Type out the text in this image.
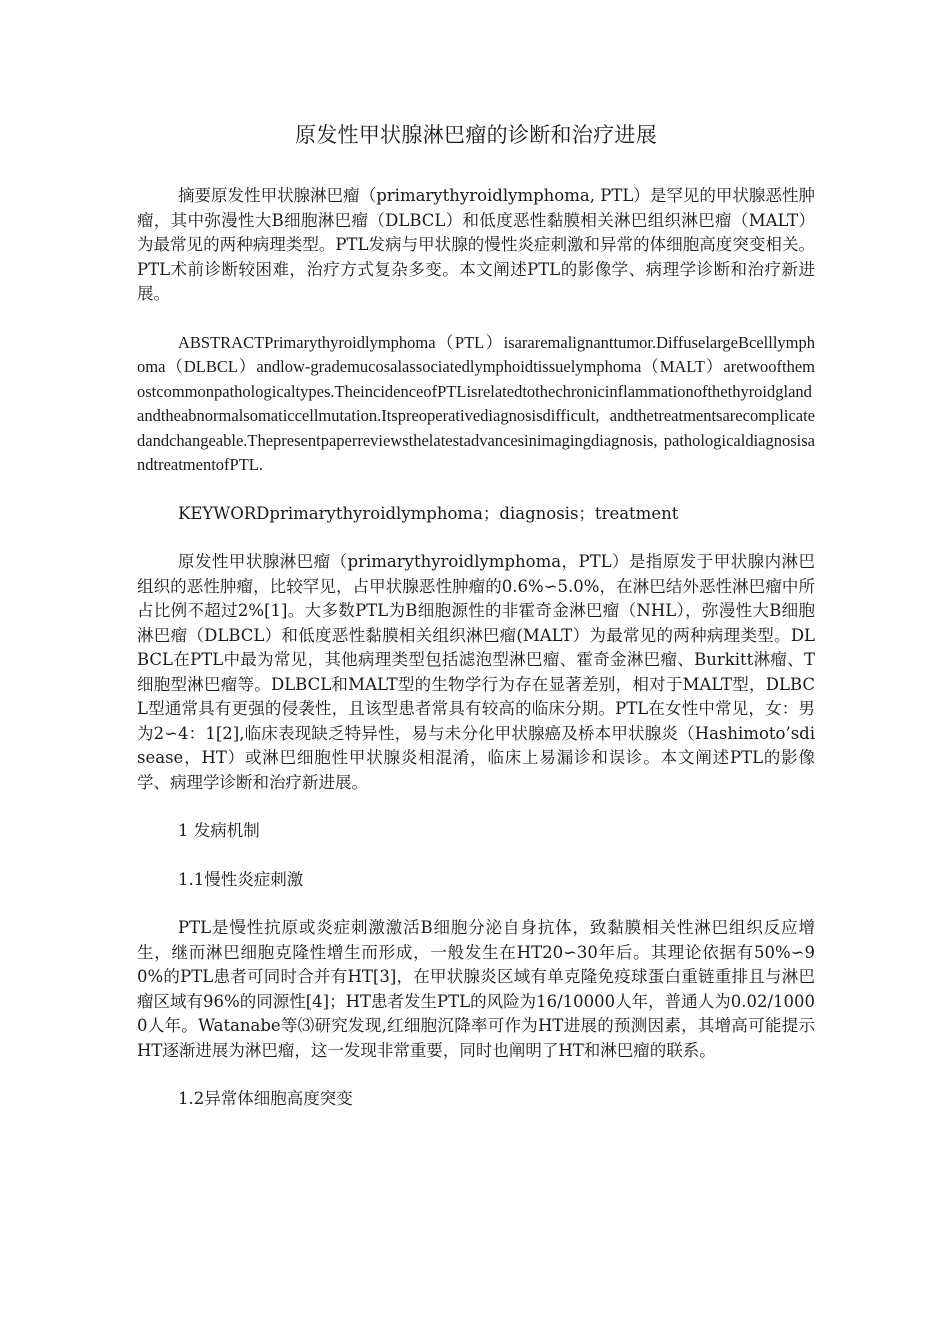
原发性甲状腺淋巴瘤的诊断和治疗进展

摘要原发性甲状腺淋巴瘤（primarythyroidlymphoma, PTL）是罕见的甲状腺恶性肿瘤，其中弥漫性大B细胞淋巴瘤（DLBCL）和低度恶性黏膜相关淋巴组织淋巴瘤（MALT）为最常见的两种病理类型。PTL发病与甲状腺的慢性炎症刺激和异常的体细胞高度突变相关。PTL术前诊断较困难，治疗方式复杂多变。本文阐述PTL的影像学、病理学诊断和治疗新进展。

ABSTRACTPrimarythyroidlymphoma（PTL）isararemalignanttumor.DiffuselargeBcelllymphoma（DLBCL）andlow-grademucosalassociatedlymphoidtissuelymphoma（MALT）aretwoofthemostcommonpathologicaltypes.TheincidenceofPTLisrelatedtothechronicinflammationofthethyroidglandandtheabnormalsomaticcellmutation.Itspreoperativediagnosisdifficult, andthetreatmentsarecomplicatedandchangeable.Thepresentpaperreviewsthelatestadvancesinimagingdiagnosis, pathologicaldiagnosisandtreatmentofPTL.

KEYWORDprimarythyroidlymphoma；diagnosis；treatment

原发性甲状腺淋巴瘤（primarythyroidlymphoma，PTL）是指原发于甲状腺内淋巴组织的恶性肿瘤，比较罕见，占甲状腺恶性肿瘤的0.6%∽5.0%，在淋巴结外恶性淋巴瘤中所占比例不超过2%[1]。大多数PTL为B细胞源性的非霍奇金淋巴瘤（NHL），弥漫性大B细胞淋巴瘤（DLBCL）和低度恶性黏膜相关组织淋巴瘤(MALT）为最常见的两种病理类型。DLBCL在PTL中最为常见，其他病理类型包括滤泡型淋巴瘤、霍奇金淋巴瘤、Burkitt淋瘤、T细胞型淋巴瘤等。DLBCL和MALT型的生物学行为存在显著差别，相对于MALT型，DLBCL型通常具有更强的侵袭性，且该型患者常具有较高的临床分期。PTL在女性中常见，女：男为2∽4：1[2],临床表现缺乏特异性，易与未分化甲状腺癌及桥本甲状腺炎（Hashimoto’sdisease，HT）或淋巴细胞性甲状腺炎相混淆，临床上易漏诊和误诊。本文阐述PTL的影像学、病理学诊断和治疗新进展。

1 发病机制

1.1慢性炎症刺激

PTL是慢性抗原或炎症刺激激活B细胞分泌自身抗体，致黏膜相关性淋巴组织反应增生，继而淋巴细胞克隆性增生而形成，一般发生在HT20∽30年后。其理论依据有50%∽90%的PTL患者可同时合并有HT[3]，在甲状腺炎区域有单克隆免疫球蛋白重链重排且与淋巴瘤区域有96%的同源性[4]；HT患者发生PTL的风险为16/10000人年，普通人为0.02/10000人年。Watanabe等⑶研究发现,红细胞沉降率可作为HT进展的预测因素，其增高可能提示HT逐渐进展为淋巴瘤，这一发现非常重要，同时也阐明了HT和淋巴瘤的联系。

1.2异常体细胞高度突变
